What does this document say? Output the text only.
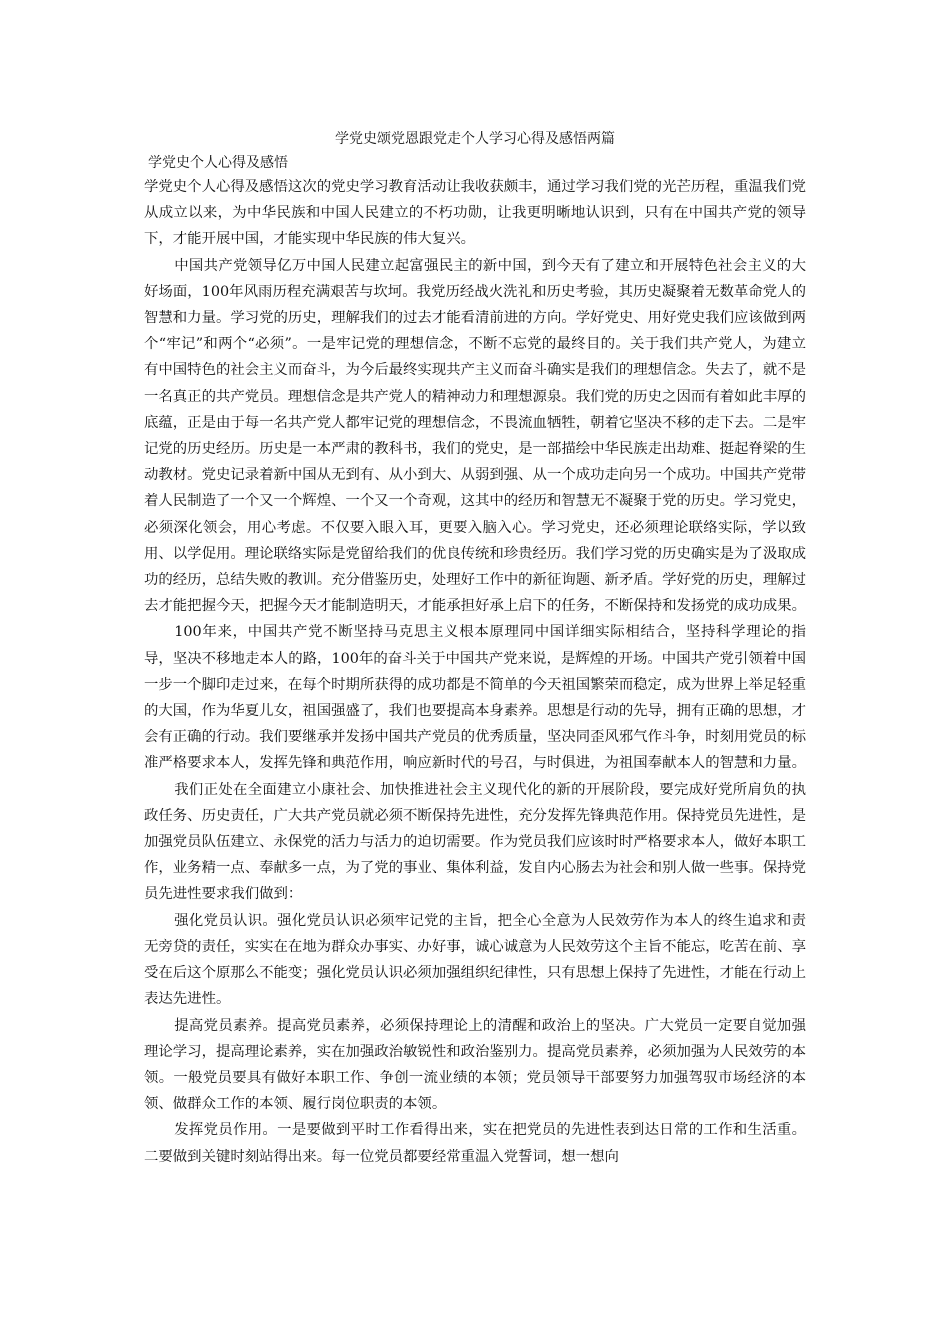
学党史颂党恩跟党走个人学习心得及感悟两篇
学党史个人心得及感悟

学党史个人心得及感悟这次的党史学习教育活动让我收获颇丰，通过学习我们党的光芒历程，重温我们党从成立以来，为中华民族和中国人民建立的不朽功勋，让我更明晰地认识到，只有在中国共产党的领导下，才能开展中国，才能实现中华民族的伟大复兴。

中国共产党领导亿万中国人民建立起富强民主的新中国，到今天有了建立和开展特色社会主义的大好场面，100年风雨历程充满艰苦与坎坷。我党历经战火洗礼和历史考验，其历史凝聚着无数革命党人的智慧和力量。学习党的历史，理解我们的过去才能看清前进的方向。学好党史、用好党史我们应该做到两个“牢记”和两个“必须”。一是牢记党的理想信念，不断不忘党的最终目的。关于我们共产党人，为建立有中国特色的社会主义而奋斗，为今后最终实现共产主义而奋斗确实是我们的理想信念。失去了，就不是一名真正的共产党员。理想信念是共产党人的精神动力和理想源泉。我们党的历史之因而有着如此丰厚的底蕴，正是由于每一名共产党人都牢记党的理想信念，不畏流血牺牲，朝着它坚决不移的走下去。二是牢记党的历史经历。历史是一本严肃的教科书，我们的党史，是一部描绘中华民族走出劫难、挺起脊梁的生动教材。党史记录着新中国从无到有、从小到大、从弱到强、从一个成功走向另一个成功。中国共产党带着人民制造了一个又一个辉煌、一个又一个奇观，这其中的经历和智慧无不凝聚于党的历史。学习党史，必须深化领会，用心考虑。不仅要入眼入耳，更要入脑入心。学习党史，还必须理论联络实际，学以致用、以学促用。理论联络实际是党留给我们的优良传统和珍贵经历。我们学习党的历史确实是为了汲取成功的经历，总结失败的教训。充分借鉴历史，处理好工作中的新征询题、新矛盾。学好党的历史，理解过去才能把握今天，把握今天才能制造明天，才能承担好承上启下的任务，不断保持和发扬党的成功成果。

100年来，中国共产党不断坚持马克思主义根本原理同中国详细实际相结合，坚持科学理论的指导，坚决不移地走本人的路，100年的奋斗关于中国共产党来说，是辉煌的开场。中国共产党引领着中国一步一个脚印走过来，在每个时期所获得的成功都是不简单的今天祖国繁荣而稳定，成为世界上举足轻重的大国，作为华夏儿女，祖国强盛了，我们也要提高本身素养。思想是行动的先导，拥有正确的思想，才会有正确的行动。我们要继承并发扬中国共产党员的优秀质量，坚决同歪风邪气作斗争，时刻用党员的标准严格要求本人，发挥先锋和典范作用，响应新时代的号召，与时俱进，为祖国奉献本人的智慧和力量。

我们正处在全面建立小康社会、加快推进社会主义现代化的新的开展阶段，要完成好党所肩负的执政任务、历史责任，广大共产党员就必须不断保持先进性，充分发挥先锋典范作用。保持党员先进性，是加强党员队伍建立、永保党的活力与活力的迫切需要。作为党员我们应该时时严格要求本人，做好本职工作，业务精一点、奉献多一点，为了党的事业、集体利益，发自内心肠去为社会和别人做一些事。保持党员先进性要求我们做到：

强化党员认识。强化党员认识必须牢记党的主旨，把全心全意为人民效劳作为本人的终生追求和责无旁贷的责任，实实在在地为群众办事实、办好事，诚心诚意为人民效劳这个主旨不能忘，吃苦在前、享受在后这个原那么不能变；强化党员认识必须加强组织纪律性，只有思想上保持了先进性，才能在行动上表达先进性。

提高党员素养。提高党员素养，必须保持理论上的清醒和政治上的坚决。广大党员一定要自觉加强理论学习，提高理论素养，实在加强政治敏锐性和政治鉴别力。提高党员素养，必须加强为人民效劳的本领。一般党员要具有做好本职工作、争创一流业绩的本领；党员领导干部要努力加强驾驭市场经济的本领、做群众工作的本领、履行岗位职责的本领。

发挥党员作用。一是要做到平时工作看得出来，实在把党员的先进性表到达日常的工作和生活重。二要做到关键时刻站得出来。每一位党员都要经常重温入党誓词，想一想向
